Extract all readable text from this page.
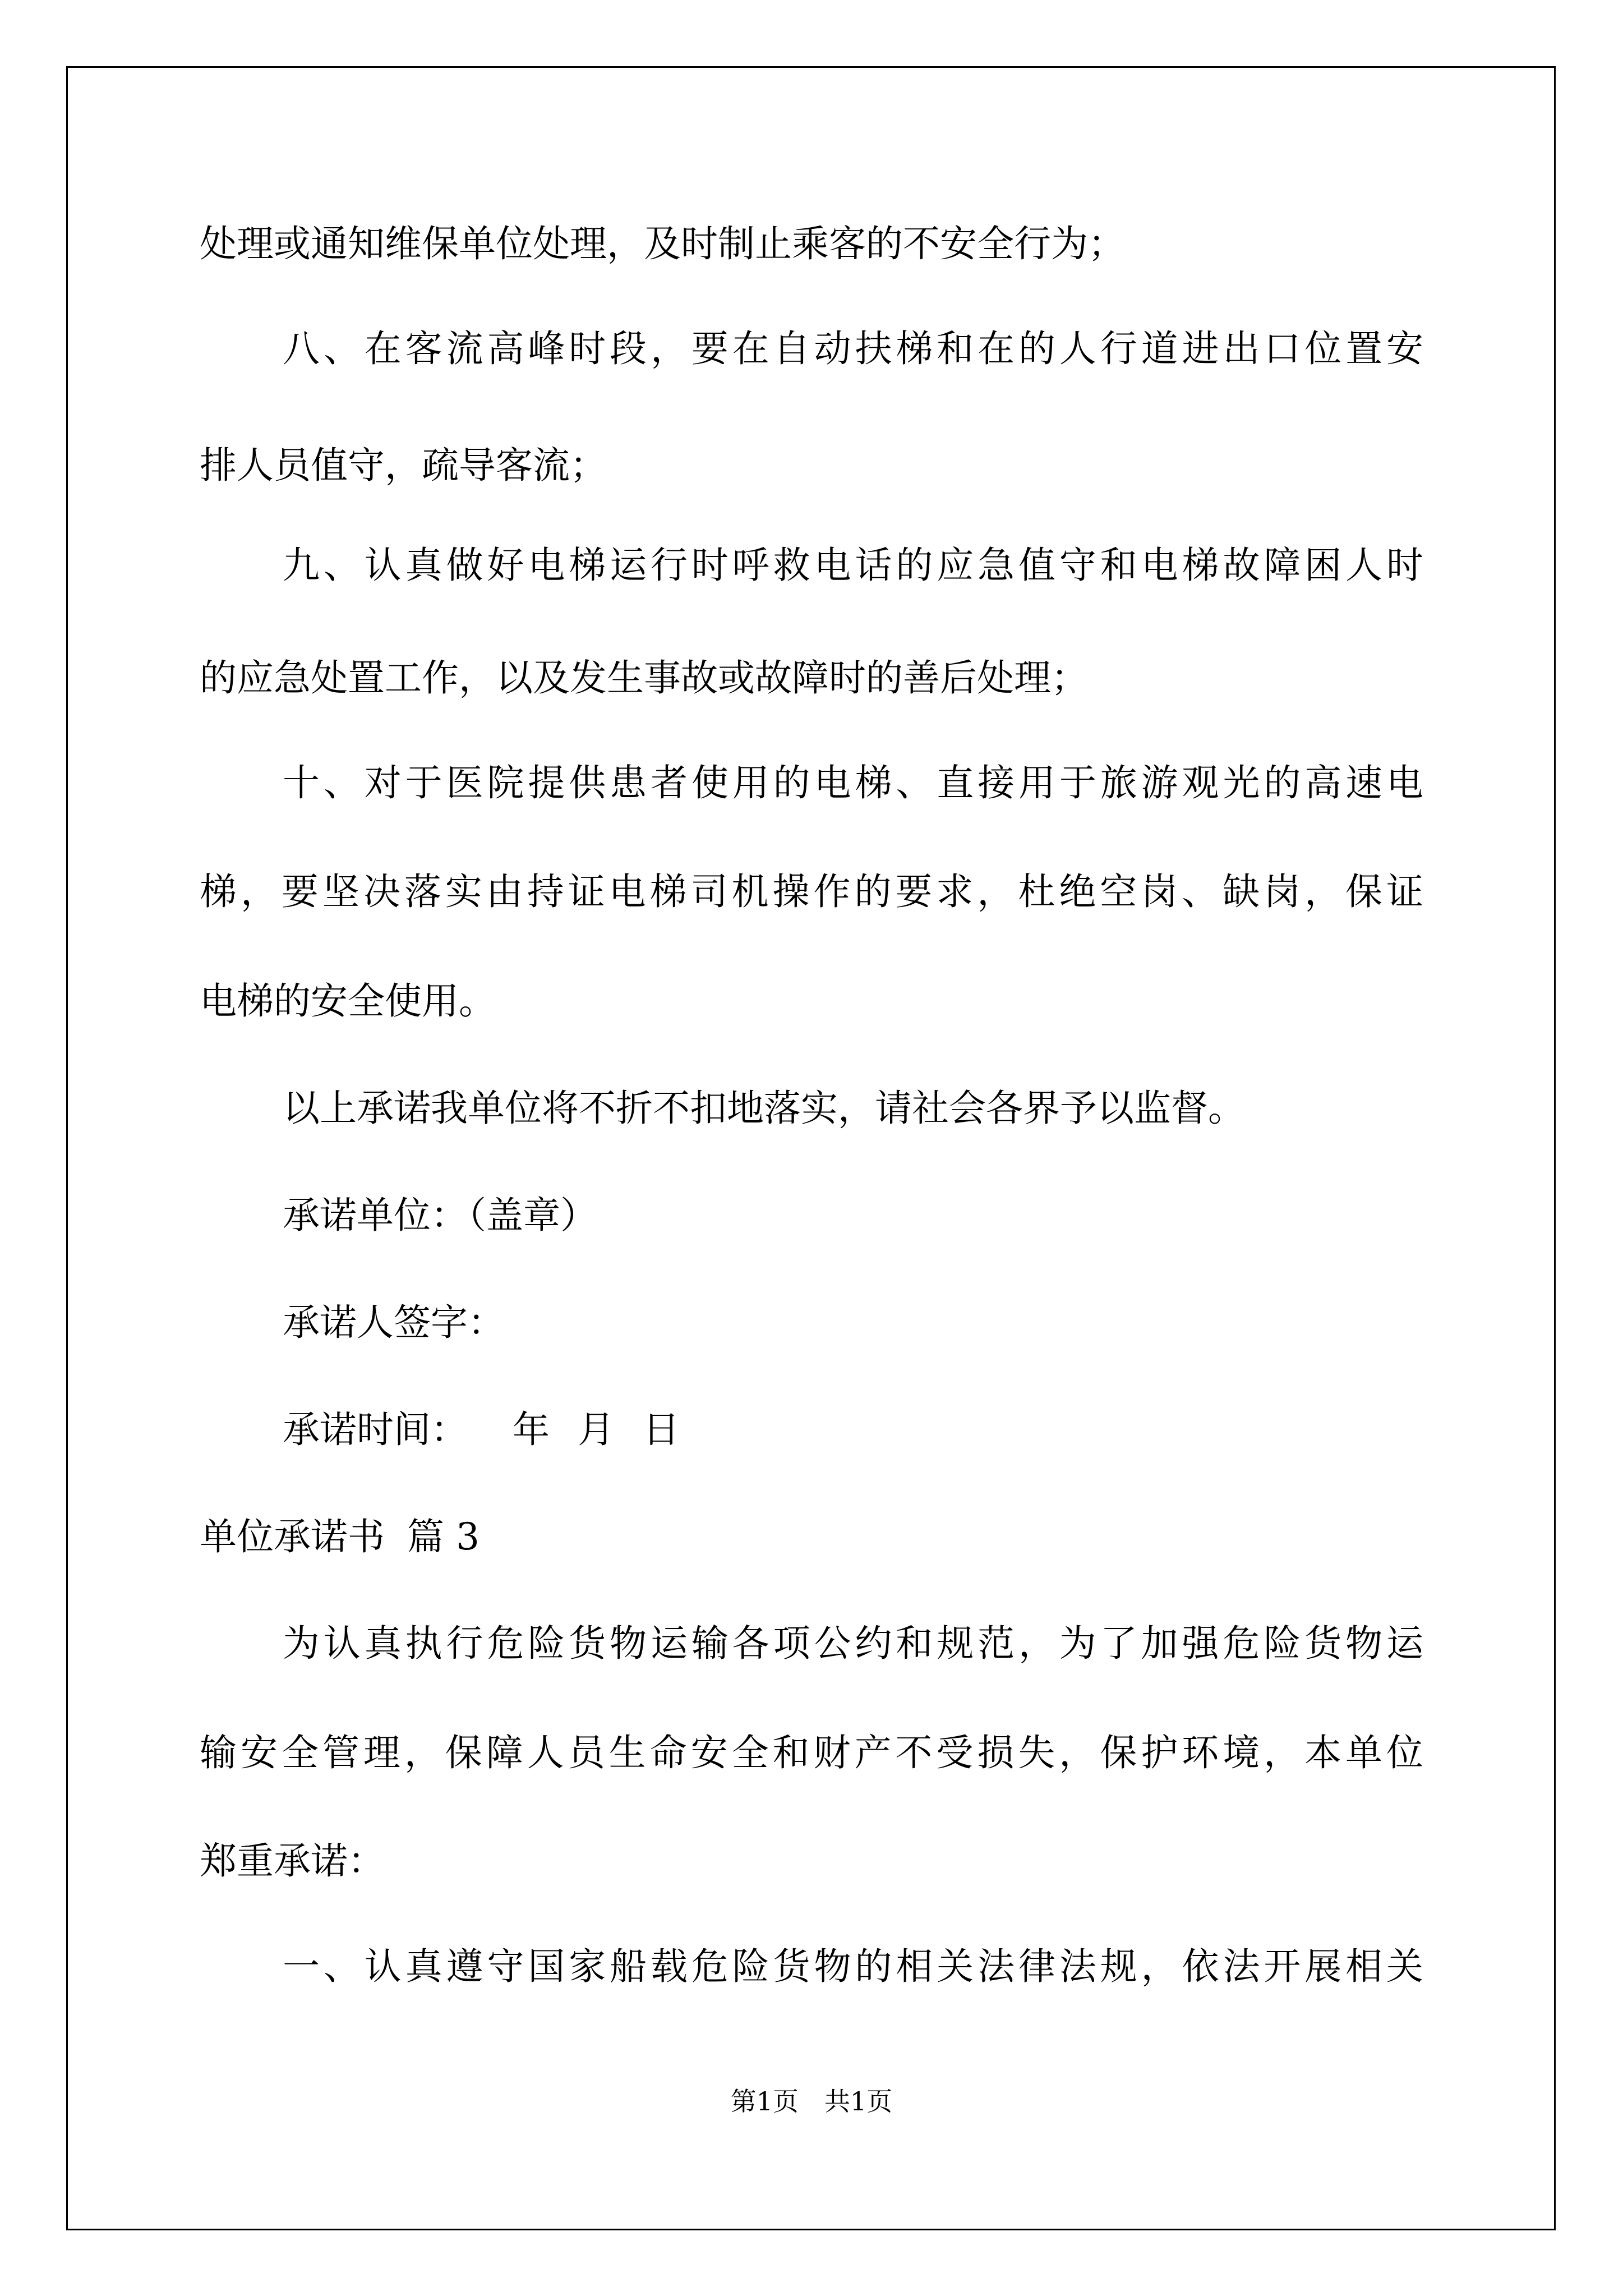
处理或通知维保单位处理，及时制止乘客的不安全行为；

八、在客流高峰时段，要在自动扶梯和在的人行道进出口位置安

排人员值守，疏导客流；

九、认真做好电梯运行时呼救电话的应急值守和电梯故障困人时

的应急处置工作，以及发生事故或故障时的善后处理；

十、对于医院提供患者使用的电梯、直接用于旅游观光的高速电

梯，要坚决落实由持证电梯司机操作的要求，杜绝空岗、缺岗，保证

电梯的安全使用。

以上承诺我单位将不折不扣地落实，请社会各界予以监督。

承诺单位：（盖章）

承诺人签字：

承诺时间： 年 月 日

单位承诺书 篇 3

为认真执行危险货物运输各项公约和规范，为了加强危险货物运

输安全管理，保障人员生命安全和财产不受损失，保护环境，本单位

郑重承诺：

一、认真遵守国家船载危险货物的相关法律法规，依法开展相关

第1页　共1页
